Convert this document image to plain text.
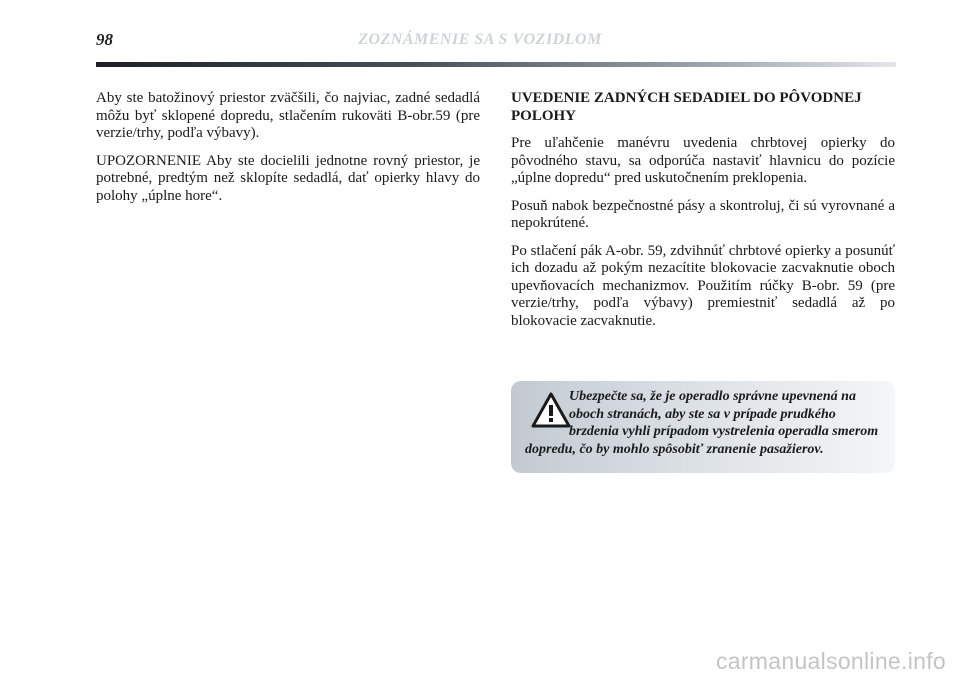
98	ZOZNÁMENIE SA S VOZIDLOM

Aby ste batožinový priestor zväčšili, čo najviac, zadné sedadlá môžu byť sklopené dopredu, stlačením rukoväti B-obr.59 (pre verzie/trhy, podľa výbavy).

UPOZORNENIE Aby ste docielili jednotne rovný priestor, je potrebné, predtým než sklopíte sedadlá, dať opierky hlavy do polohy „úplne hore“.

UVEDENIE ZADNÝCH SEDADIEL DO PÔVODNEJ POLOHY

Pre uľahčenie manévru uvedenia chrbtovej opierky do pôvodného stavu, sa odporúča nastaviť hlavnicu do pozície „úplne dopredu“ pred uskutočnením preklopenia.

Posuň nabok bezpečnostné pásy a skontroluj, či sú vyrovnané a nepokrútené.

Po stlačení pák A-obr. 59, zdvihnúť chrbtové opierky a posunúť ich dozadu až pokým nezacítite blokovacie zacvaknutie oboch upevňovacích mechanizmov. Použitím rúčky B-obr. 59 (pre verzie/trhy, podľa výbavy) premiestniť sedadlá až po blokovacie zacvaknutie.

Ubezpečte sa, že je operadlo správne upevnená na oboch stranách, aby ste sa v prípade prudkého brzdenia vyhli prípadom vystrelenia operadla smerom dopredu, čo by mohlo spôsobiť zranenie pasažierov.

carmanualsonline.info
